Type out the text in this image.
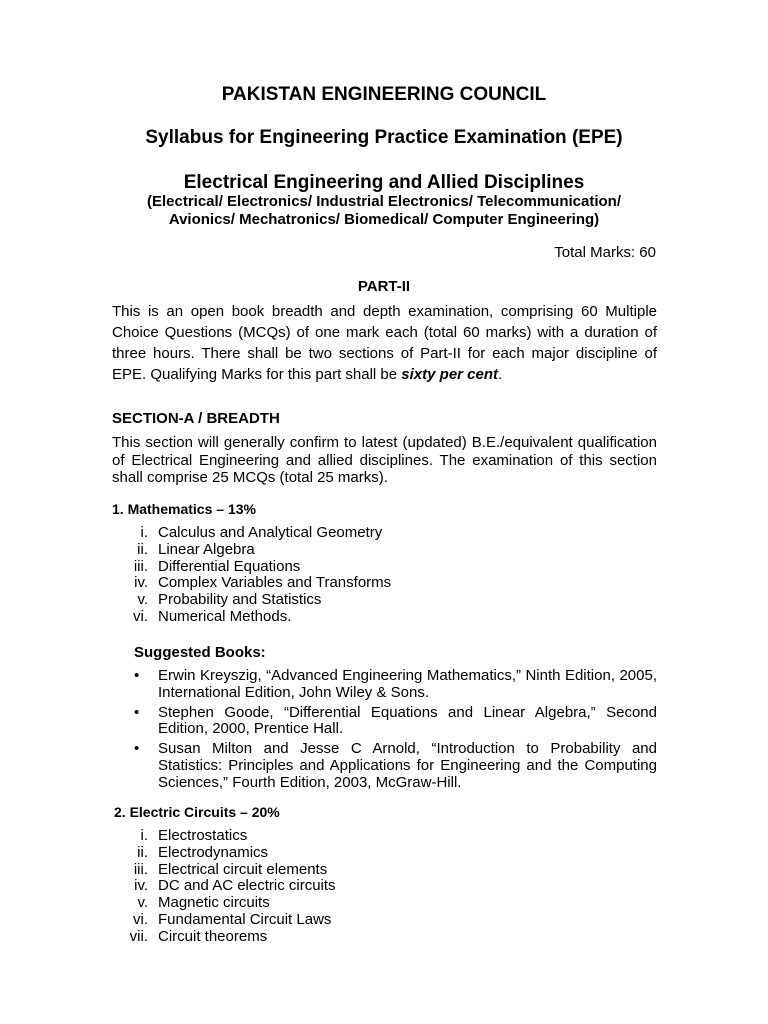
PAKISTAN ENGINEERING COUNCIL
Syllabus for Engineering Practice Examination (EPE)
Electrical Engineering and Allied Disciplines
(Electrical/ Electronics/ Industrial Electronics/ Telecommunication/
Avionics/ Mechatronics/ Biomedical/ Computer Engineering)
Total Marks: 60
PART-II
This is an open book breadth and depth examination, comprising 60 Multiple Choice Questions (MCQs) of one mark each (total 60 marks) with a duration of three hours. There shall be two sections of Part-II for each major discipline of EPE. Qualifying Marks for this part shall be sixty per cent.
SECTION-A / BREADTH
This section will generally confirm to latest (updated) B.E./equivalent qualification of Electrical Engineering and allied disciplines. The examination of this section shall comprise 25 MCQs (total 25 marks).
1. Mathematics – 13%
i. Calculus and Analytical Geometry
ii. Linear Algebra
iii. Differential Equations
iv. Complex Variables and Transforms
v. Probability and Statistics
vi. Numerical Methods.
Suggested Books:
• Erwin Kreyszig, “Advanced Engineering Mathematics,” Ninth Edition, 2005, International Edition, John Wiley & Sons.
• Stephen Goode, “Differential Equations and Linear Algebra,” Second Edition, 2000, Prentice Hall.
• Susan Milton and Jesse C Arnold, “Introduction to Probability and Statistics: Principles and Applications for Engineering and the Computing Sciences,” Fourth Edition, 2003, McGraw-Hill.
2. Electric Circuits – 20%
i. Electrostatics
ii. Electrodynamics
iii. Electrical circuit elements
iv. DC and AC electric circuits
v. Magnetic circuits
vi. Fundamental Circuit Laws
vii. Circuit theorems
